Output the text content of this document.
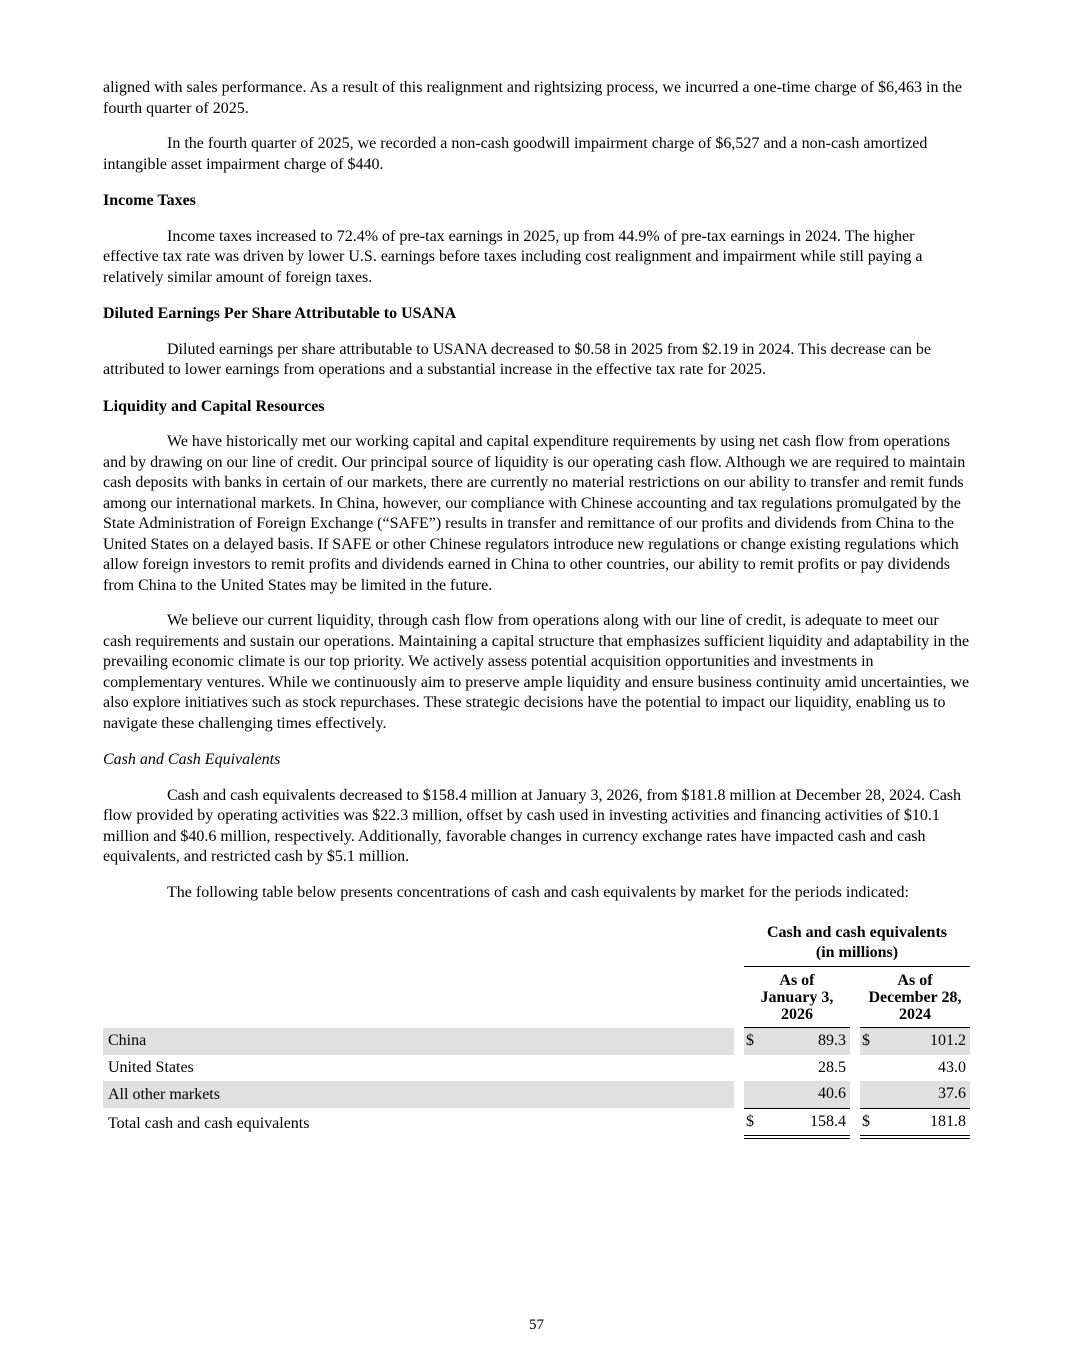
aligned with sales performance. As a result of this realignment and rightsizing process, we incurred a one-time charge of $6,463 in the fourth quarter of 2025.

In the fourth quarter of 2025, we recorded a non-cash goodwill impairment charge of $6,527 and a non-cash amortized intangible asset impairment charge of $440.

Income Taxes

Income taxes increased to 72.4% of pre-tax earnings in 2025, up from 44.9% of pre-tax earnings in 2024. The higher effective tax rate was driven by lower U.S. earnings before taxes including cost realignment and impairment while still paying a relatively similar amount of foreign taxes.

Diluted Earnings Per Share Attributable to USANA

Diluted earnings per share attributable to USANA decreased to $0.58 in 2025 from $2.19 in 2024. This decrease can be attributed to lower earnings from operations and a substantial increase in the effective tax rate for 2025.

Liquidity and Capital Resources

We have historically met our working capital and capital expenditure requirements by using net cash flow from operations and by drawing on our line of credit. Our principal source of liquidity is our operating cash flow. Although we are required to maintain cash deposits with banks in certain of our markets, there are currently no material restrictions on our ability to transfer and remit funds among our international markets. In China, however, our compliance with Chinese accounting and tax regulations promulgated by the State Administration of Foreign Exchange (“SAFE”) results in transfer and remittance of our profits and dividends from China to the United States on a delayed basis. If SAFE or other Chinese regulators introduce new regulations or change existing regulations which allow foreign investors to remit profits and dividends earned in China to other countries, our ability to remit profits or pay dividends from China to the United States may be limited in the future.

We believe our current liquidity, through cash flow from operations along with our line of credit, is adequate to meet our cash requirements and sustain our operations. Maintaining a capital structure that emphasizes sufficient liquidity and adaptability in the prevailing economic climate is our top priority. We actively assess potential acquisition opportunities and investments in complementary ventures. While we continuously aim to preserve ample liquidity and ensure business continuity amid uncertainties, we also explore initiatives such as stock repurchases. These strategic decisions have the potential to impact our liquidity, enabling us to navigate these challenging times effectively.

Cash and Cash Equivalents

Cash and cash equivalents decreased to $158.4 million at January 3, 2026, from $181.8 million at December 28, 2024. Cash flow provided by operating activities was $22.3 million, offset by cash used in investing activities and financing activities of $10.1 million and $40.6 million, respectively. Additionally, favorable changes in currency exchange rates have impacted cash and cash equivalents, and restricted cash by $5.1 million.

The following table below presents concentrations of cash and cash equivalents by market for the periods indicated:

		Cash and cash equivalents
(in millions)				

As of
January 3,
2026

As of
December 28,
2024

China		$	89.3		$	101.2
United States			28.5			43.0
All other markets			40.6			37.6
Total cash and cash equivalents		$	158.4		$	181.8
57
